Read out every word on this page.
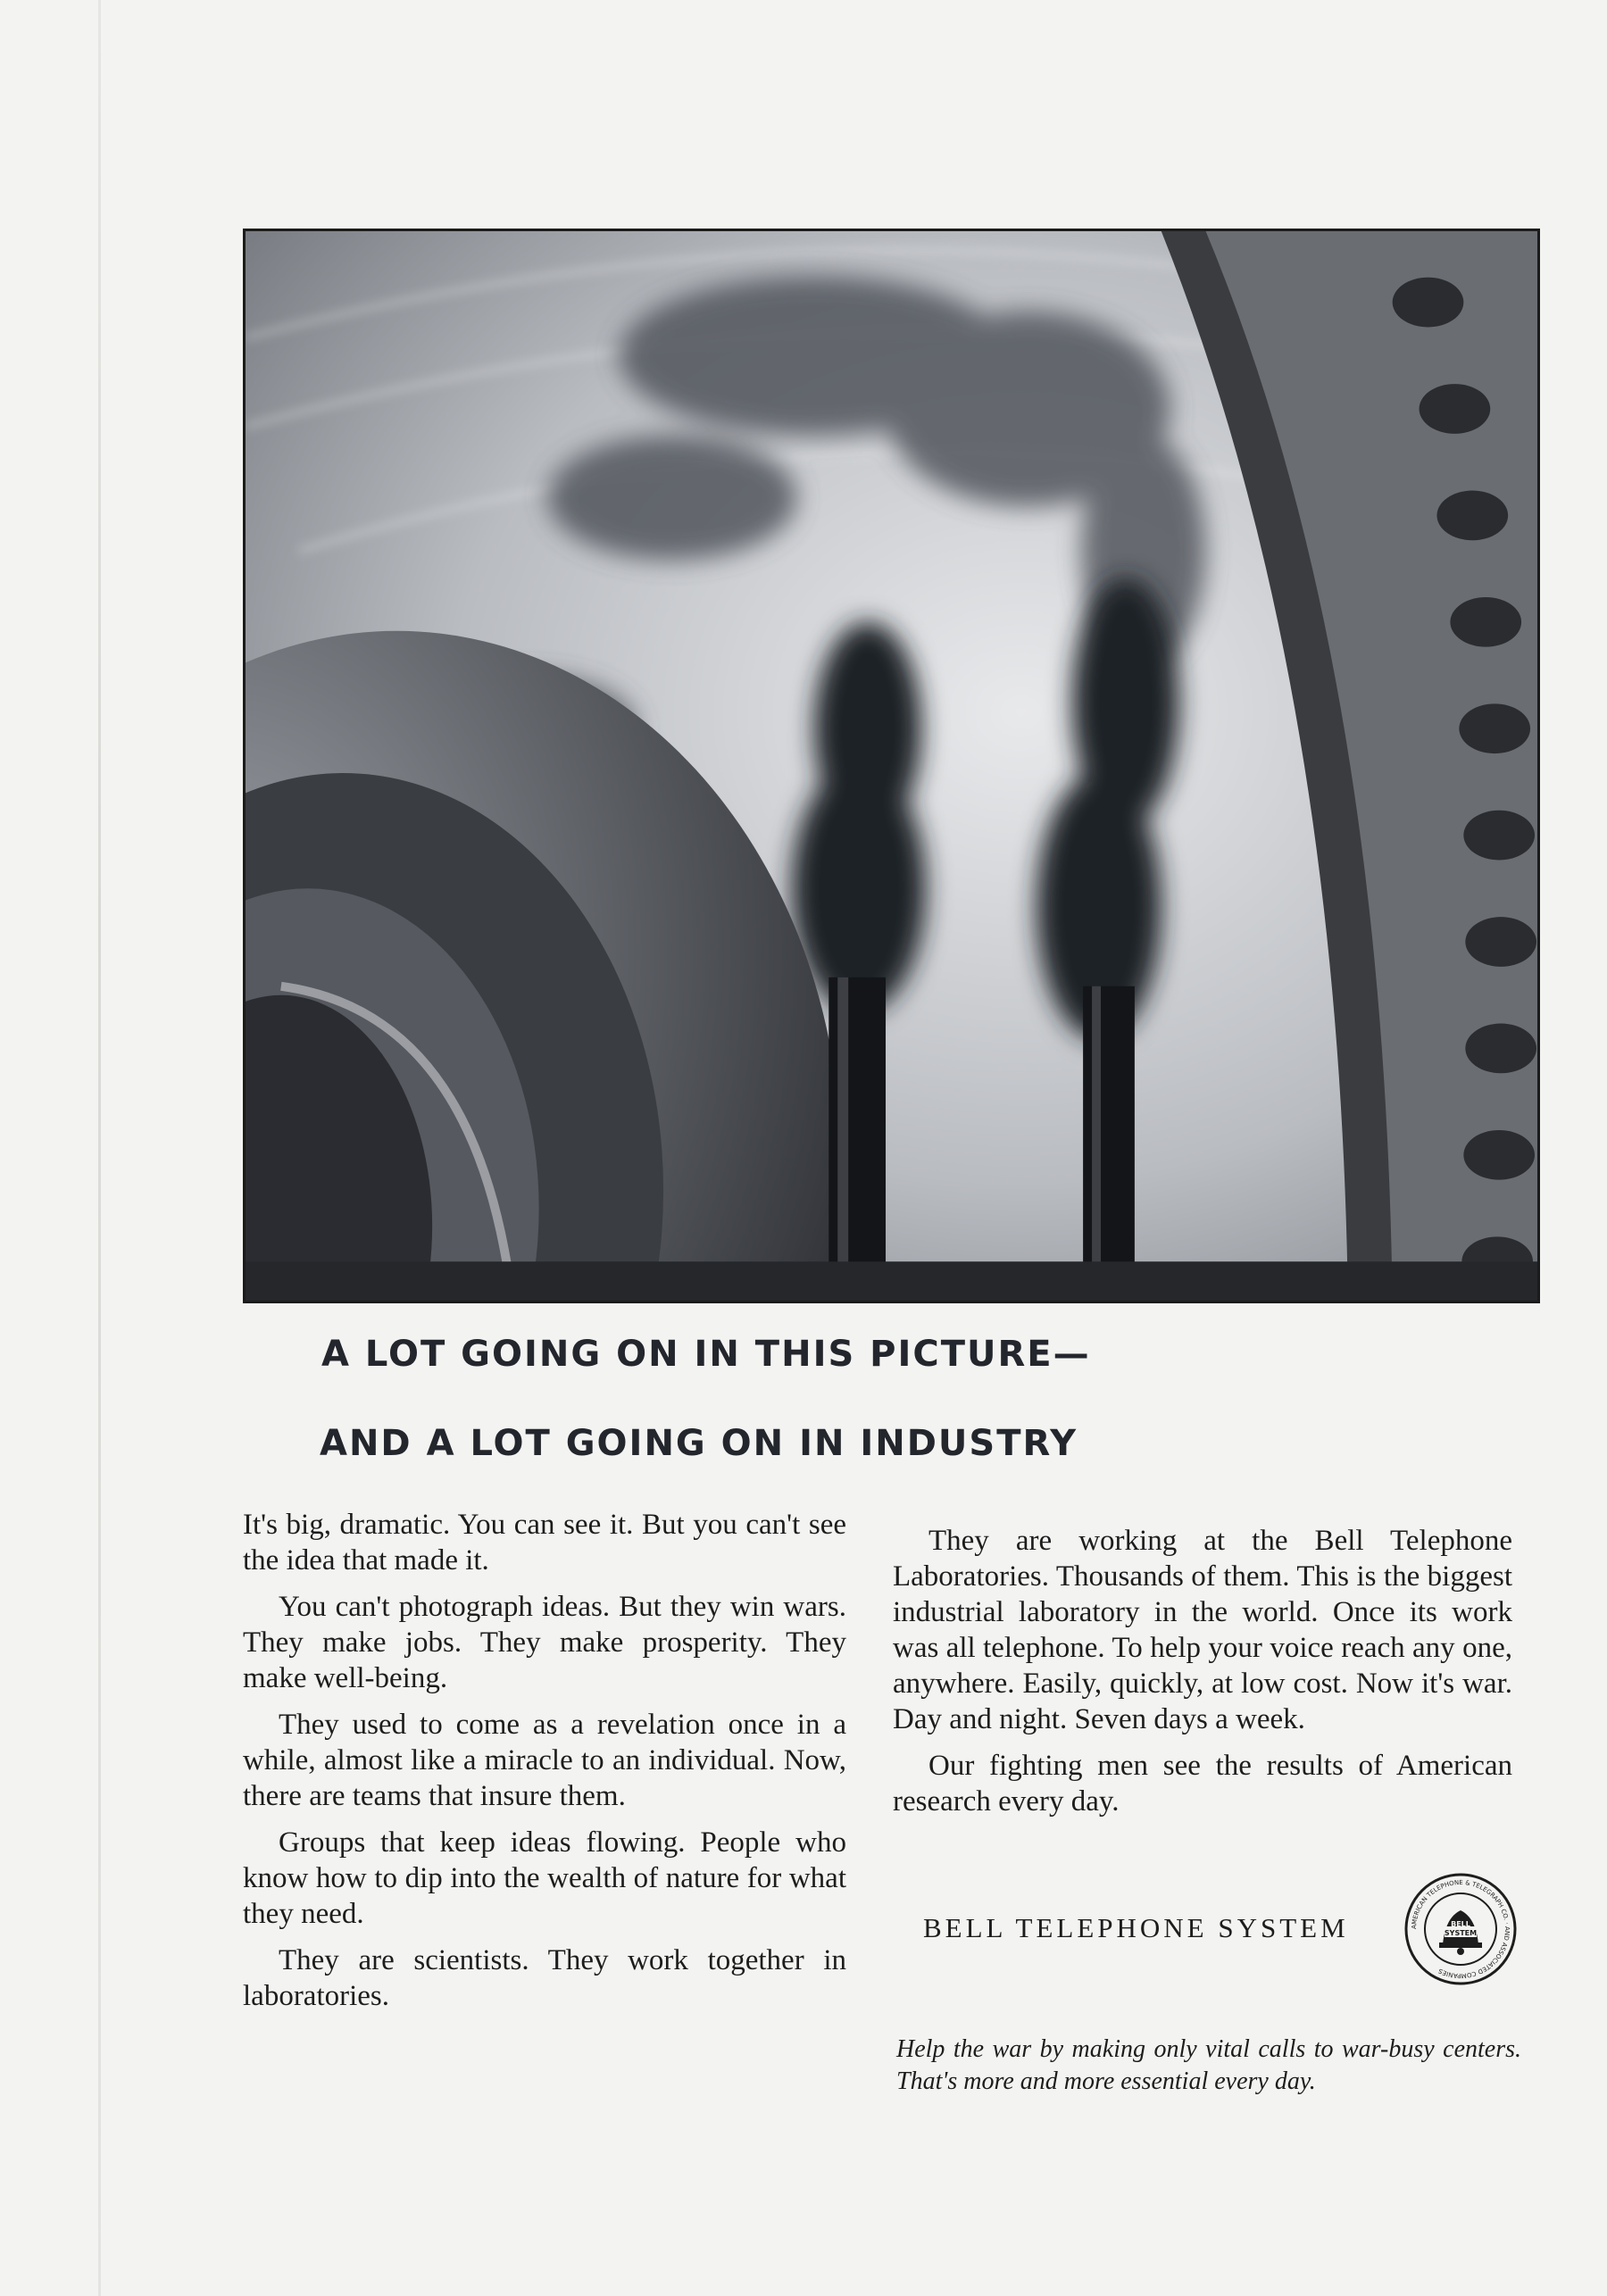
A LOT GOING ON IN THIS PICTURE—
AND A LOT GOING ON IN INDUSTRY

It's big, dramatic. You can see it. But you can't see the idea that made it.

You can't photograph ideas. But they win wars. They make jobs. They make prosperity. They make well-being.

They used to come as a revelation once in a while, almost like a miracle to an individual. Now, there are teams that insure them.

Groups that keep ideas flowing. People who know how to dip into the wealth of nature for what they need.

They are scientists. They work together in laboratories.

They are working at the Bell Telephone Laboratories. Thousands of them. This is the biggest industrial laboratory in the world. Once its work was all telephone. To help your voice reach any one, anywhere. Easily, quickly, at low cost. Now it's war. Day and night. Seven days a week.

Our fighting men see the results of American research every day.

BELL TELEPHONE SYSTEM	BELL
SYSTEM
AMERICAN TELEPHONE & TELEGRAPH CO. · AND ASSOCIATED COMPANIES
Help the war by making only vital calls to war-busy centers. That's more and more essential every day.
